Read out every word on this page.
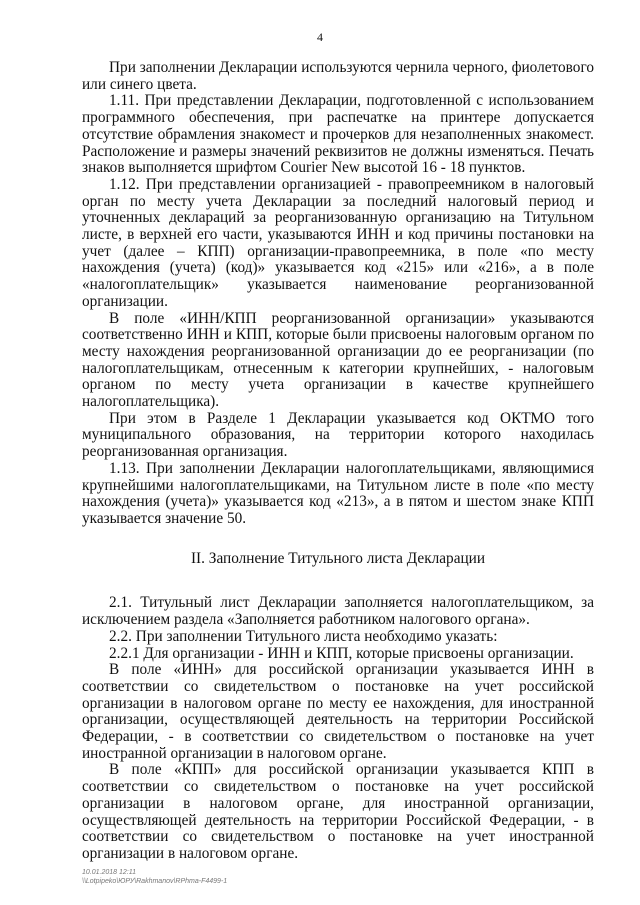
4

При заполнении Декларации используются чернила черного, фиолетового или синего цвета.

1.11. При представлении Декларации, подготовленной с использованием программного обеспечения, при распечатке на принтере допускается отсутствие обрамления знакомест и прочерков для незаполненных знакомест. Расположение и размеры значений реквизитов не должны изменяться. Печать знаков выполняется шрифтом Courier New высотой 16 - 18 пунктов.

1.12. При представлении организацией - правопреемником в налоговый орган по месту учета Декларации за последний налоговый период и уточненных деклараций за реорганизованную организацию на Титульном листе, в верхней его части, указываются ИНН и код причины постановки на учет (далее – КПП) организации-правопреемника, в поле «по месту нахождения (учета) (код)» указывается код «215» или «216», а в поле «налогоплательщик» указывается наименование реорганизованной организации.

В поле «ИНН/КПП реорганизованной организации» указываются соответственно ИНН и КПП, которые были присвоены налоговым органом по месту нахождения реорганизованной организации до ее реорганизации (по налогоплательщикам, отнесенным к категории крупнейших, - налоговым органом по месту учета организации в качестве крупнейшего налогоплательщика).

При этом в Разделе 1 Декларации указывается код ОКТМО того муниципального образования, на территории которого находилась реорганизованная организация.

1.13. При заполнении Декларации налогоплательщиками, являющимися крупнейшими налогоплательщиками, на Титульном листе в поле «по месту нахождения (учета)» указывается код «213», а в пятом и шестом знаке КПП указывается значение 50.

II. Заполнение Титульного листа Декларации

2.1. Титульный лист Декларации заполняется налогоплательщиком, за исключением раздела «Заполняется работником налогового органа».

2.2. При заполнении Титульного листа необходимо указать:

2.2.1 Для организации - ИНН и КПП, которые присвоены организации.

В поле «ИНН» для российской организации указывается ИНН в соответствии со свидетельством о постановке на учет российской организации в налоговом органе по месту ее нахождения, для иностранной организации, осуществляющей деятельность на территории Российской Федерации, - в соответствии со свидетельством о постановке на учет иностранной организации в налоговом органе.

В поле «КПП» для российской организации указывается КПП в соответствии со свидетельством о постановке на учет российской организации в налоговом органе, для иностранной организации, осуществляющей деятельность на территории Российской Федерации, - в соответствии со свидетельством о постановке на учет иностранной организации в налоговом органе.

10.01.2018 12:11
\\Lotpipeko\ЮРУ\Rakhmanov\RPhma-F4499-1
